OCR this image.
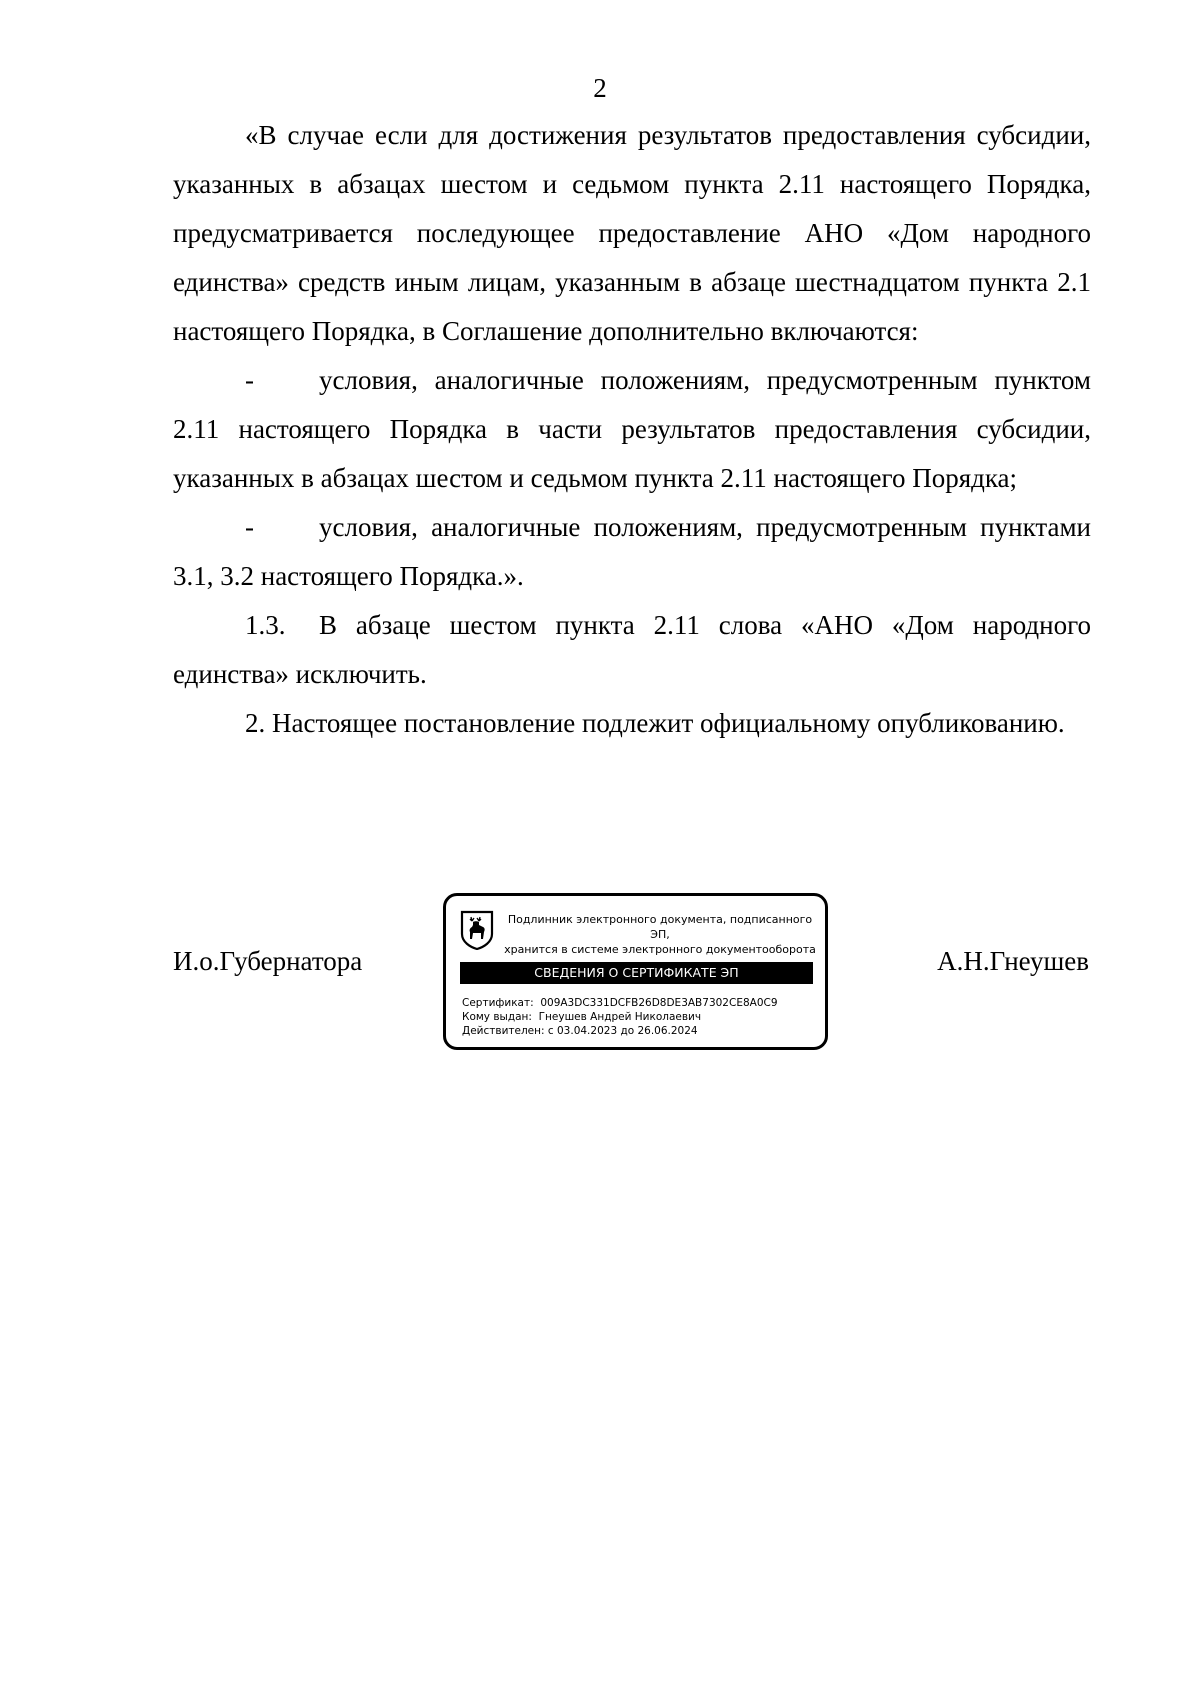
2

«В случае если для достижения результатов предоставления субсидии, указанных в абзацах шестом и седьмом пункта 2.11 настоящего Порядка, предусматривается последующее предоставление АНО «Дом народного единства» средств иным лицам, указанным в абзаце шестнадцатом пункта 2.1 настоящего Порядка, в Соглашение дополнительно включаются:

- условия, аналогичные положениям, предусмотренным пунктом 2.11 настоящего Порядка в части результатов предоставления субсидии, указанных в абзацах шестом и седьмом пункта 2.11 настоящего Порядка;

- условия, аналогичные положениям, предусмотренным пунктами 3.1, 3.2 настоящего Порядка.».

1.3. В абзаце шестом пункта 2.11 слова «АНО «Дом народного единства» исключить.

2. Настоящее постановление подлежит официальному опубликованию.

И.о.Губернатора
Подлинник электронного документа, подписанного ЭП,
хранится в системе электронного документооборота
СВЕДЕНИЯ О СЕРТИФИКАТЕ ЭП
Сертификат: 009A3DC331DCFB26D8DE3AB7302CE8A0C9
Кому выдан: Гнеушев Андрей Николаевич
Действителен: с 03.04.2023 до 26.06.2024
А.Н.Гнеушев
